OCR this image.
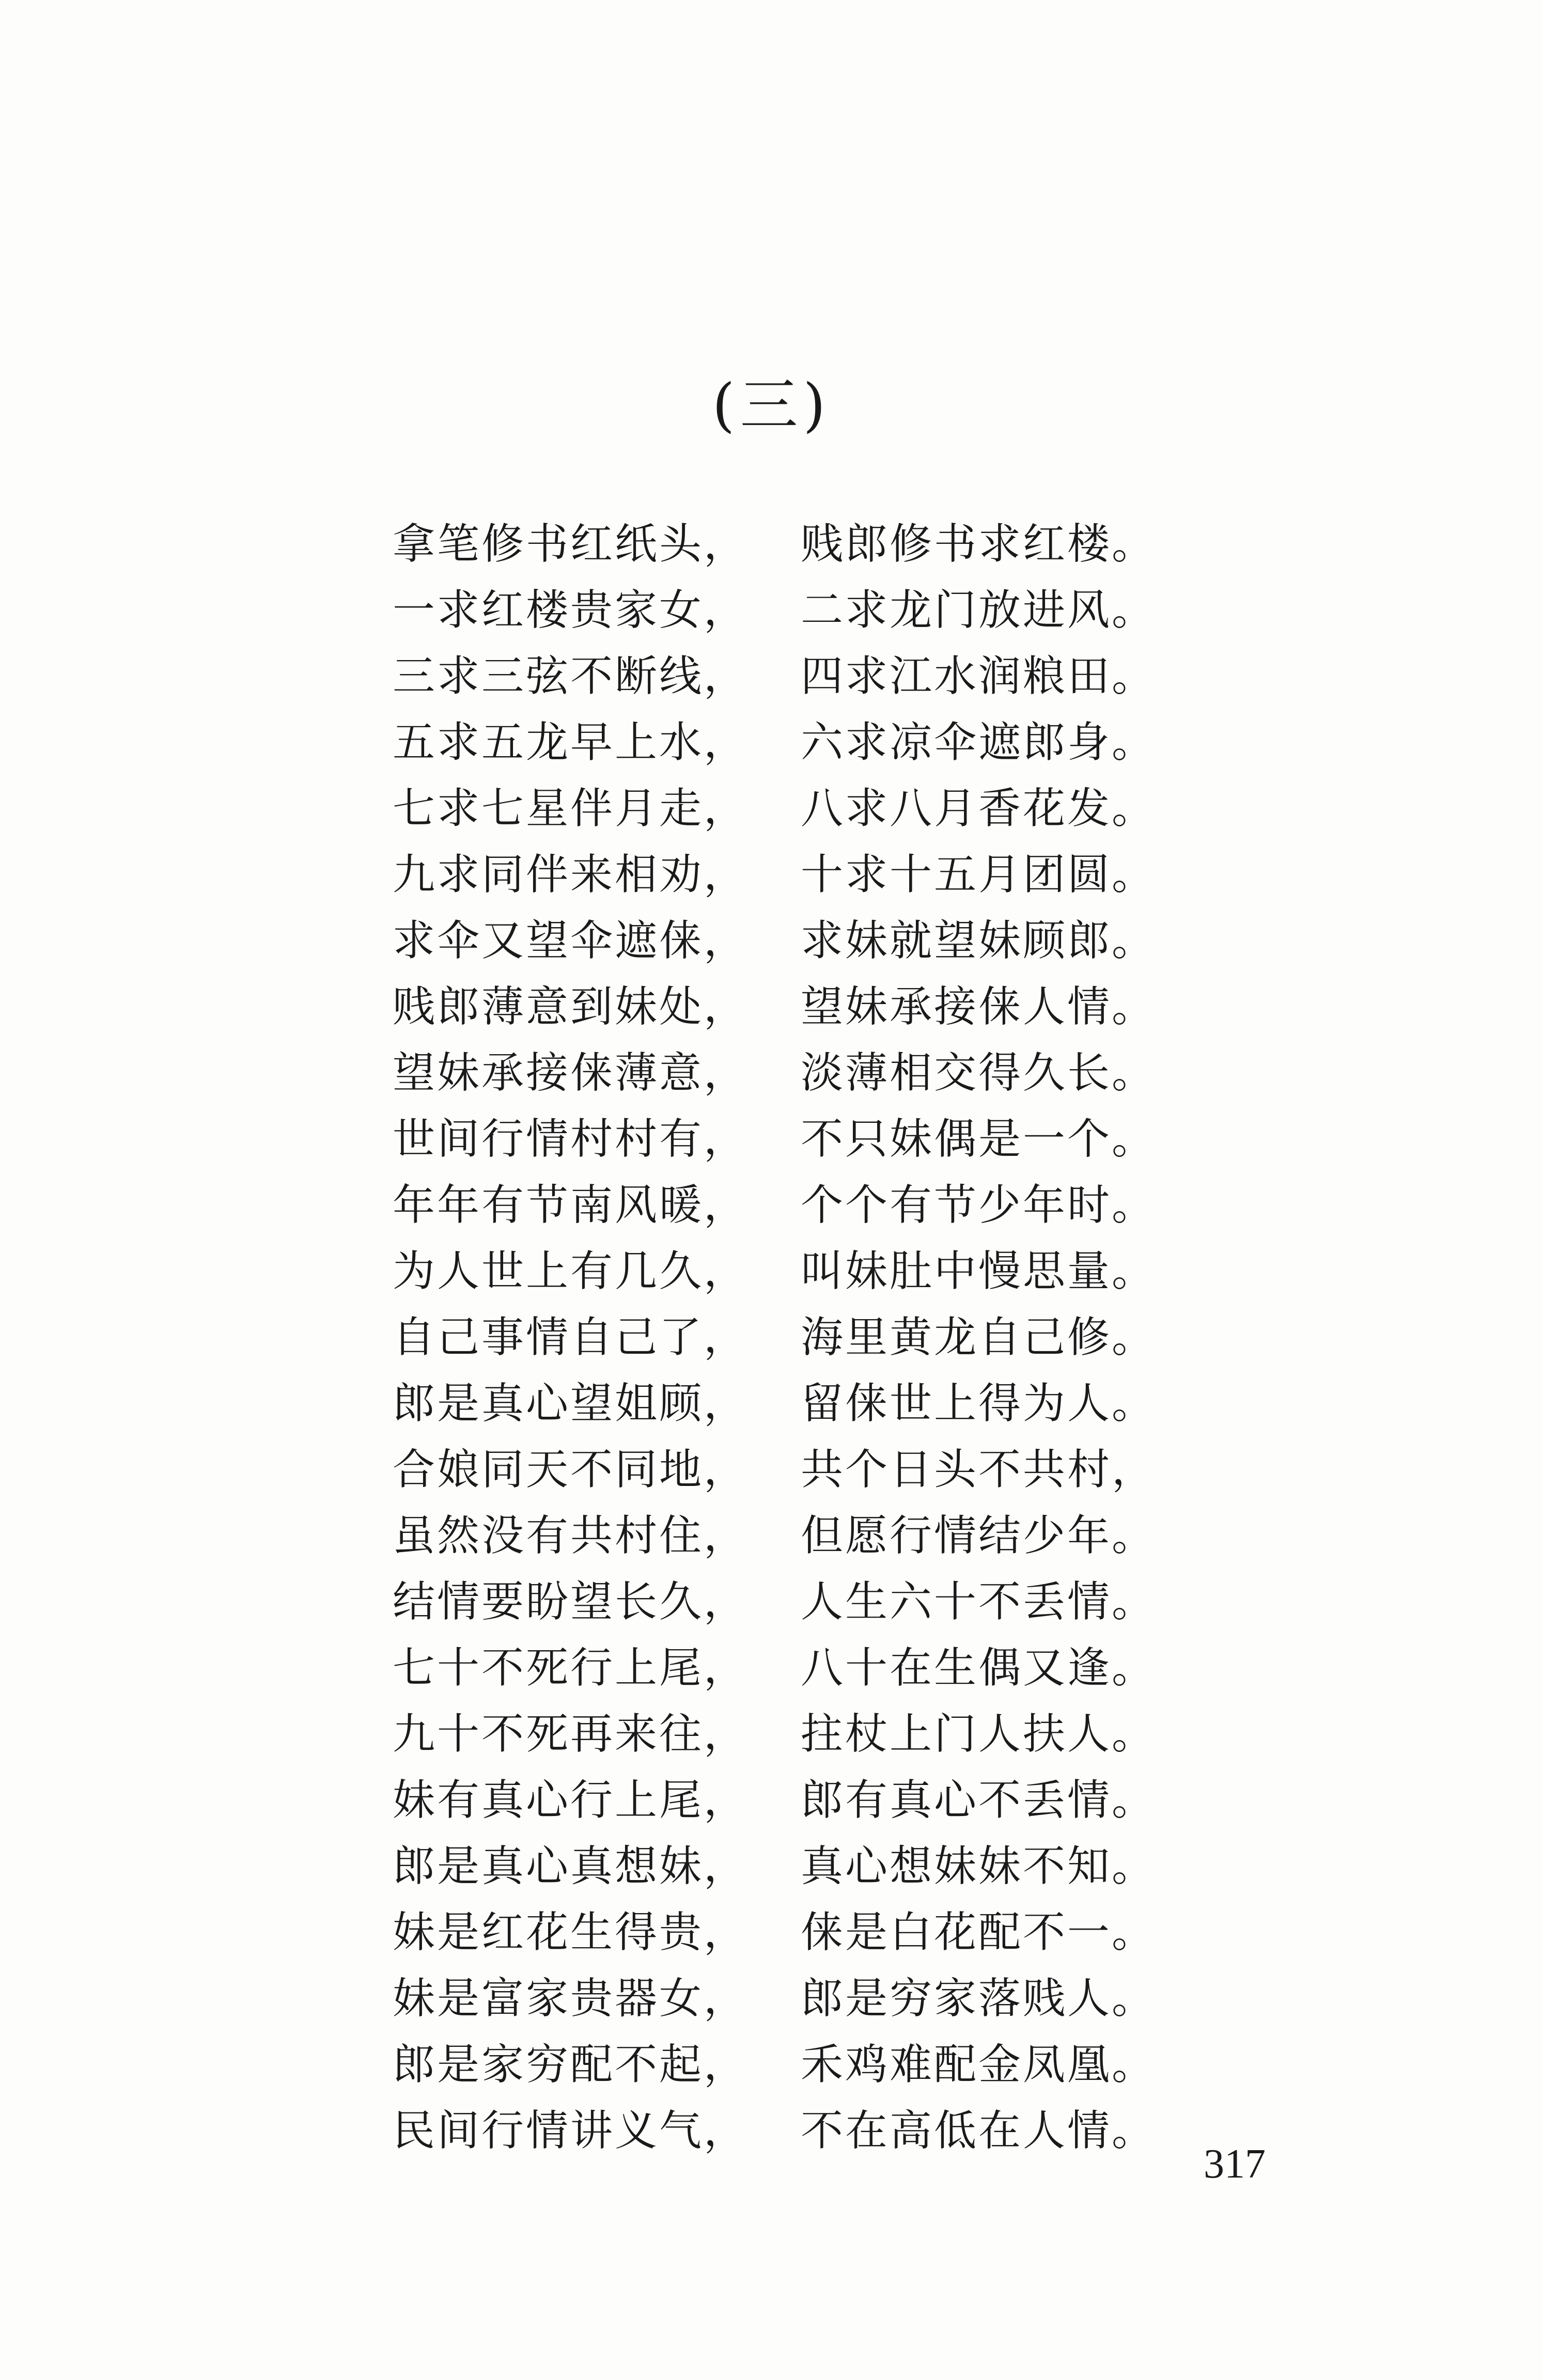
(三)
拿笔修书红纸头，	贱郎修书求红楼。
一求红楼贵家女，	二求龙门放进风。
三求三弦不断线，	四求江水润粮田。
五求五龙早上水，	六求凉伞遮郎身。
七求七星伴月走，	八求八月香花发。
九求同伴来相劝，	十求十五月团圆。
求伞又望伞遮俫，	求妹就望妹顾郎。
贱郎薄意到妹处，	望妹承接俫人情。
望妹承接俫薄意，	淡薄相交得久长。
世间行情村村有，	不只妹偶是一个。
年年有节南风暖，	个个有节少年时。
为人世上有几久，	叫妹肚中慢思量。
自己事情自己了，	海里黄龙自己修。
郎是真心望姐顾，	留俫世上得为人。
合娘同天不同地，	共个日头不共村，
虽然没有共村住，	但愿行情结少年。
结情要盼望长久，	人生六十不丢情。
七十不死行上尾，	八十在生偶又逢。
九十不死再来往，	拄杖上门人扶人。
妹有真心行上尾，	郎有真心不丢情。
郎是真心真想妹，	真心想妹妹不知。
妹是红花生得贵，	俫是白花配不一。
妹是富家贵器女，	郎是穷家落贱人。
郎是家穷配不起，	禾鸡难配金凤凰。
民间行情讲义气，	不在高低在人情。
317
